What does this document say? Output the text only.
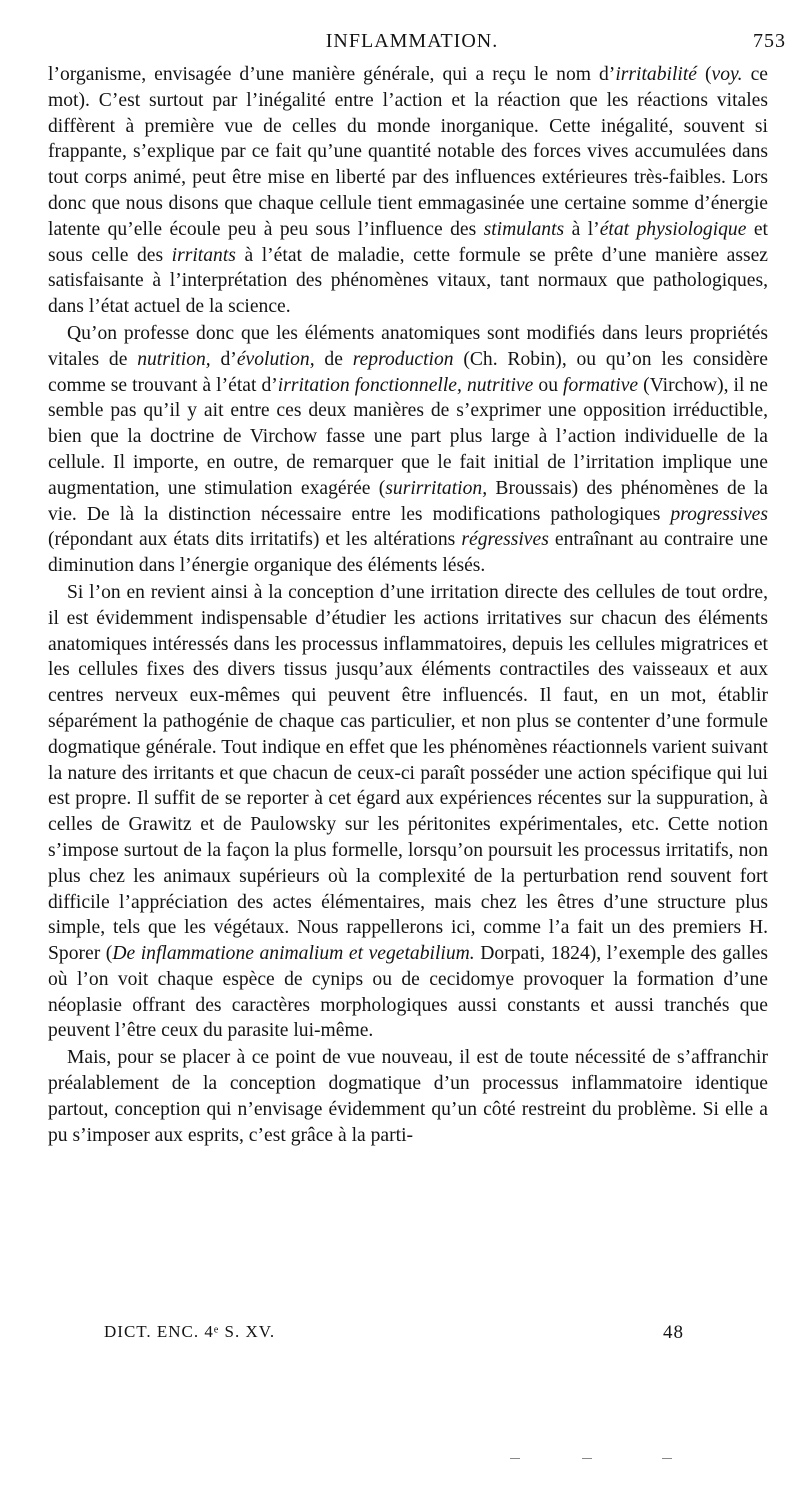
INFLAMMATION.	753

l’organisme, envisagée d’une manière générale, qui a reçu le nom d’irritabilité (voy. ce mot). C’est surtout par l’inégalité entre l’action et la réaction que les réactions vitales diffèrent à première vue de celles du monde inorganique. Cette inégalité, souvent si frappante, s’explique par ce fait qu’une quantité notable des forces vives accumulées dans tout corps animé, peut être mise en liberté par des influences extérieures très-faibles. Lors donc que nous disons que chaque cellule tient emmagasinée une certaine somme d’énergie latente qu’elle écoule peu à peu sous l’influence des stimulants à l’état physiologique et sous celle des irritants à l’état de maladie, cette formule se prête d’une manière assez satisfaisante à l’interprétation des phénomènes vitaux, tant normaux que pathologiques, dans l’état actuel de la science.

Qu’on professe donc que les éléments anatomiques sont modifiés dans leurs propriétés vitales de nutrition, d’évolution, de reproduction (Ch. Robin), ou qu’on les considère comme se trouvant à l’état d’irritation fonctionnelle, nutritive ou formative (Virchow), il ne semble pas qu’il y ait entre ces deux manières de s’exprimer une opposition irréductible, bien que la doctrine de Virchow fasse une part plus large à l’action individuelle de la cellule. Il importe, en outre, de remarquer que le fait initial de l’irritation implique une augmentation, une stimulation exagérée (surirritation, Broussais) des phénomènes de la vie. De là la distinction nécessaire entre les modifications pathologiques progressives (répondant aux états dits irritatifs) et les altérations régressives entraînant au contraire une diminution dans l’énergie organique des éléments lésés.

Si l’on en revient ainsi à la conception d’une irritation directe des cellules de tout ordre, il est évidemment indispensable d’étudier les actions irritatives sur chacun des éléments anatomiques intéressés dans les processus inflammatoires, depuis les cellules migratrices et les cellules fixes des divers tissus jusqu’aux éléments contractiles des vaisseaux et aux centres nerveux eux-mêmes qui peuvent être influencés. Il faut, en un mot, établir séparément la pathogénie de chaque cas particulier, et non plus se contenter d’une formule dogmatique générale. Tout indique en effet que les phénomènes réactionnels varient suivant la nature des irritants et que chacun de ceux-ci paraît posséder une action spécifique qui lui est propre. Il suffit de se reporter à cet égard aux expériences récentes sur la suppuration, à celles de Grawitz et de Paulowsky sur les péritonites expérimentales, etc. Cette notion s’impose surtout de la façon la plus formelle, lorsqu’on poursuit les processus irritatifs, non plus chez les animaux supérieurs où la complexité de la perturbation rend souvent fort difficile l’appréciation des actes élémentaires, mais chez les êtres d’une structure plus simple, tels que les végétaux. Nous rappellerons ici, comme l’a fait un des premiers H. Sporer (De inflammatione animalium et vegetabilium. Dorpati, 1824), l’exemple des galles où l’on voit chaque espèce de cynips ou de cecidomye provoquer la formation d’une néoplasie offrant des caractères morphologiques aussi constants et aussi tranchés que peuvent l’être ceux du parasite lui-même.

Mais, pour se placer à ce point de vue nouveau, il est de toute nécessité de s’affranchir préalablement de la conception dogmatique d’un processus inflammatoire identique partout, conception qui n’envisage évidemment qu’un côté restreint du problème. Si elle a pu s’imposer aux esprits, c’est grâce à la parti-

DICT. ENC. 4ᵉ S. XV.	48
